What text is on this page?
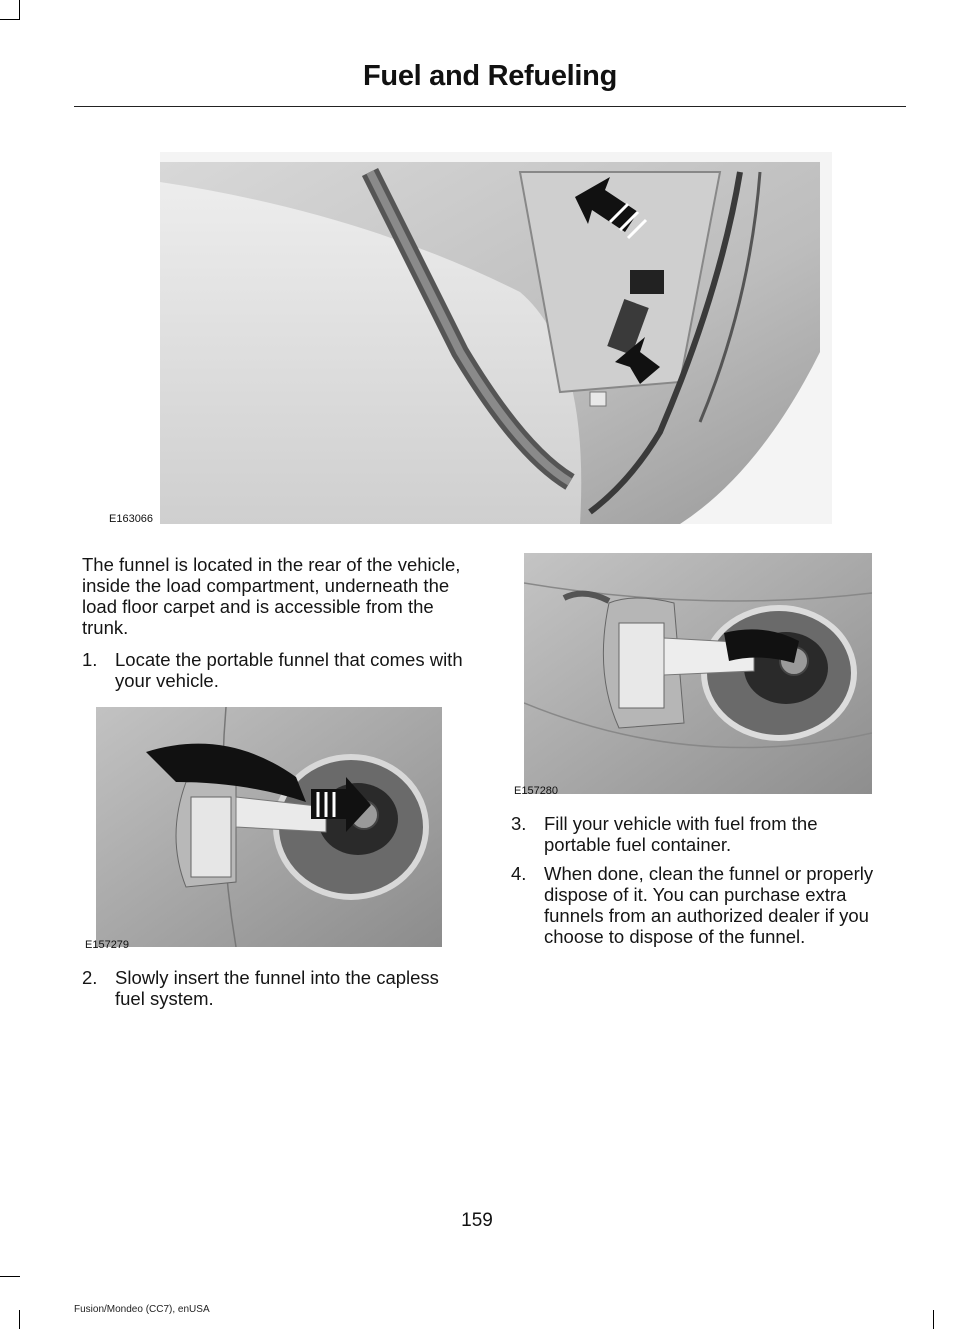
Fuel and Refueling
E163066
The funnel is located in the rear of the vehicle, inside the load compartment, underneath the load floor carpet and is accessible from the trunk.
1. Locate the portable funnel that comes with your vehicle.
E157279
2. Slowly insert the funnel into the capless fuel system.
E157280
3. Fill your vehicle with fuel from the portable fuel container.
4. When done, clean the funnel or properly dispose of it. You can purchase extra funnels from an authorized dealer if you choose to dispose of the funnel.
159
Fusion/Mondeo (CC7), enUSA
